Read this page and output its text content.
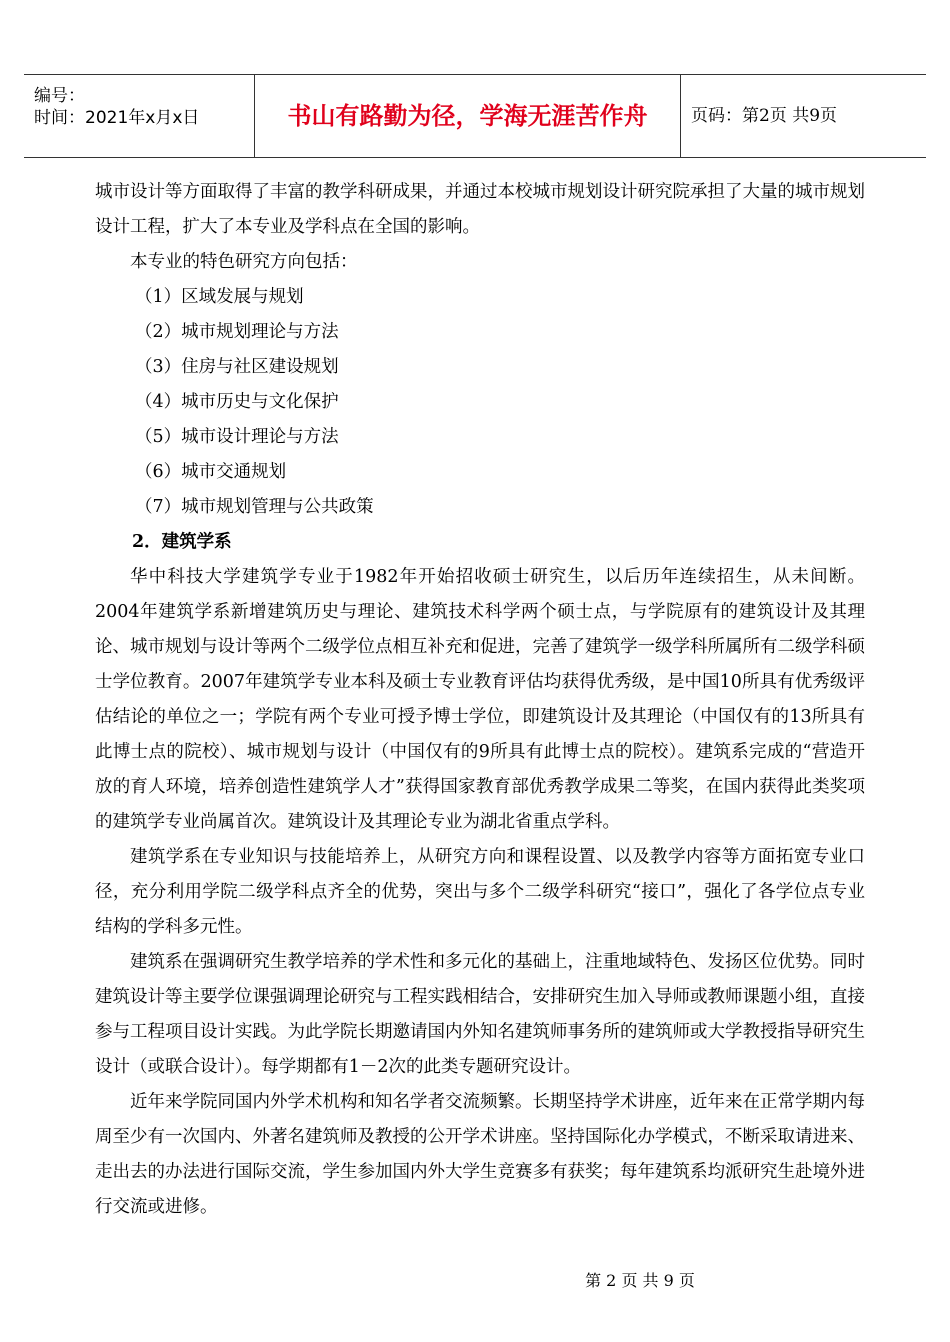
编号：
时间：2021年x月x日	书山有路勤为径，学海无涯苦作舟	页码：第2页 共9页

城市设计等方面取得了丰富的教学科研成果，并通过本校城市规划设计研究院承担了大量的城市规划设计工程，扩大了本专业及学科点在全国的影响。

本专业的特色研究方向包括：

（1）区域发展与规划

（2）城市规划理论与方法

（3）住房与社区建设规划

（4）城市历史与文化保护

（5）城市设计理论与方法

（6）城市交通规划

（7）城市规划管理与公共政策

2．建筑学系

华中科技大学建筑学专业于1982年开始招收硕士研究生，以后历年连续招生，从未间断。2004年建筑学系新增建筑历史与理论、建筑技术科学两个硕士点，与学院原有的建筑设计及其理论、城市规划与设计等两个二级学位点相互补充和促进，完善了建筑学一级学科所属所有二级学科硕士学位教育。2007年建筑学专业本科及硕士专业教育评估均获得优秀级，是中国10所具有优秀级评估结论的单位之一；学院有两个专业可授予博士学位，即建筑设计及其理论（中国仅有的13所具有此博士点的院校）、城市规划与设计（中国仅有的9所具有此博士点的院校）。建筑系完成的“营造开放的育人环境，培养创造性建筑学人才”获得国家教育部优秀教学成果二等奖，在国内获得此类奖项的建筑学专业尚属首次。建筑设计及其理论专业为湖北省重点学科。

建筑学系在专业知识与技能培养上，从研究方向和课程设置、以及教学内容等方面拓宽专业口径，充分利用学院二级学科点齐全的优势，突出与多个二级学科研究“接口”，强化了各学位点专业结构的学科多元性。

建筑系在强调研究生教学培养的学术性和多元化的基础上，注重地域特色、发扬区位优势。同时建筑设计等主要学位课强调理论研究与工程实践相结合，安排研究生加入导师或教师课题小组，直接参与工程项目设计实践。为此学院长期邀请国内外知名建筑师事务所的建筑师或大学教授指导研究生设计（或联合设计）。每学期都有1－2次的此类专题研究设计。

近年来学院同国内外学术机构和知名学者交流频繁。长期坚持学术讲座，近年来在正常学期内每周至少有一次国内、外著名建筑师及教授的公开学术讲座。坚持国际化办学模式，不断采取请进来、走出去的办法进行国际交流，学生参加国内外大学生竞赛多有获奖；每年建筑系均派研究生赴境外进行交流或进修。

第 2 页 共 9 页
